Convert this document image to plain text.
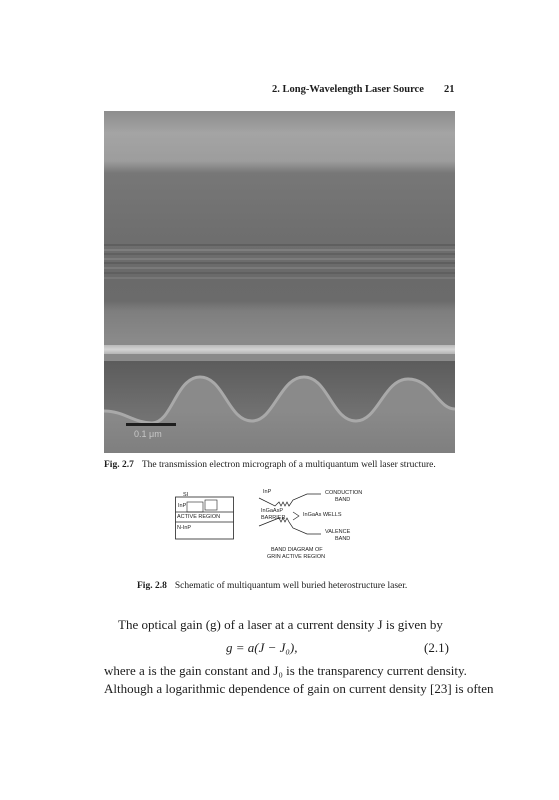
2. Long-Wavelength Laser Source 21
0.1 μm
Fig. 2.7 The transmission electron micrograph of a multiquantum well laser structure.
SI
InP
ACTIVE REGION
N-InP
InP	CONDUCTION
BAND
InGaAsP
BARRIER	InGaAs WELLS
VALENCE
BAND
BAND DIAGRAM OF
GRIN ACTIVE REGION
Fig. 2.8 Schematic of multiquantum well buried heterostructure laser.
The optical gain (g) of a laser at a current density J is given by
g = a(J − J₀),	(2.1)
where a is the gain constant and J₀ is the transparency current density.
Although a logarithmic dependence of gain on current density [23] is often
